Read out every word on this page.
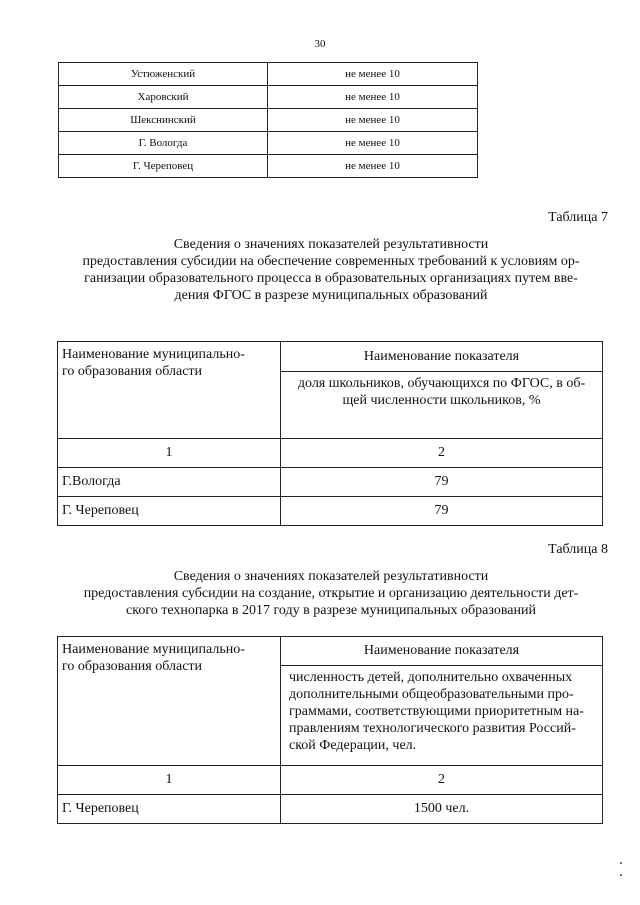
30
Устюженский	не менее 10
Харовский	не менее 10
Шекснинский	не менее 10
Г. Вологда	не менее 10
Г. Череповец	не менее 10
Таблица 7
Сведения о значениях показателей результативности
предоставления субсидии на обеспечение современных требований к условиям ор-
ганизации образовательного процесса в образовательных организациях путем вве-
дения ФГОС в разрезе муниципальных образований
Наименование муниципально-
го образования области	Наименование показателя

	доля школьников, обучающихся по ФГОС, в об-
щей численности школьников, %

1	2
Г.Вологда	79
Г. Череповец	79
Таблица 8
Сведения о значениях показателей результативности
предоставления субсидии на создание, открытие и организацию деятельности дет-
ского технопарка в 2017 году в разрезе муниципальных образований
Наименование муниципально-
го образования области	Наименование показателя

	численность детей, дополнительно охваченных
дополнительными общеобразовательными про-
граммами, соответствующими приоритетным на-
правлениям технологического развития Россий-
ской Федерации, чел.

1	2
Г. Череповец	1500 чел.
